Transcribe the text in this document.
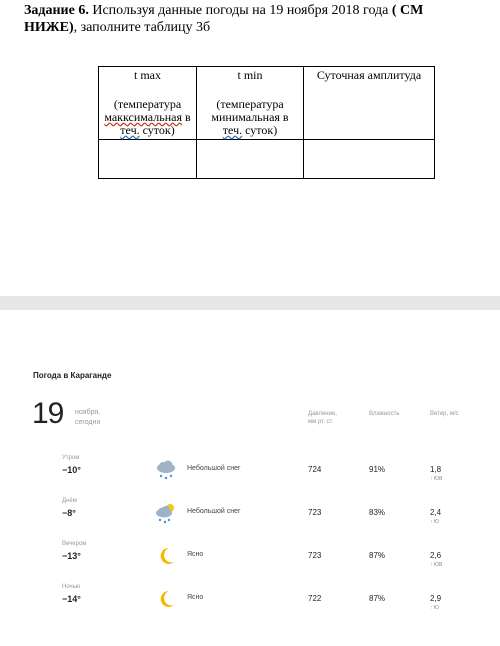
Задание 6. Используя данные погоды на 19 ноября 2018 года ( СМ НИЖЕ), заполните таблицу 3б
t max
(температура
макксимальная в
теч. суток)	t min
(температура
минимальная в
теч. суток)	Суточная амплитуда

Погода в Караганде
19 ноября,
сегодня
Давление,
мм рт. ст.
Влажность	Ветер, м/с
Утром
−10°	Небольшой снег	724	91%	1,8
↑ ЮВ
Днём
−8°	Небольшой снег	723	83%	2,4
↑ Ю
Вечером
−13°	Ясно	723	87%	2,6
↑ ЮВ
Ночью
−14°	Ясно	722	87%	2,9
↑ Ю
